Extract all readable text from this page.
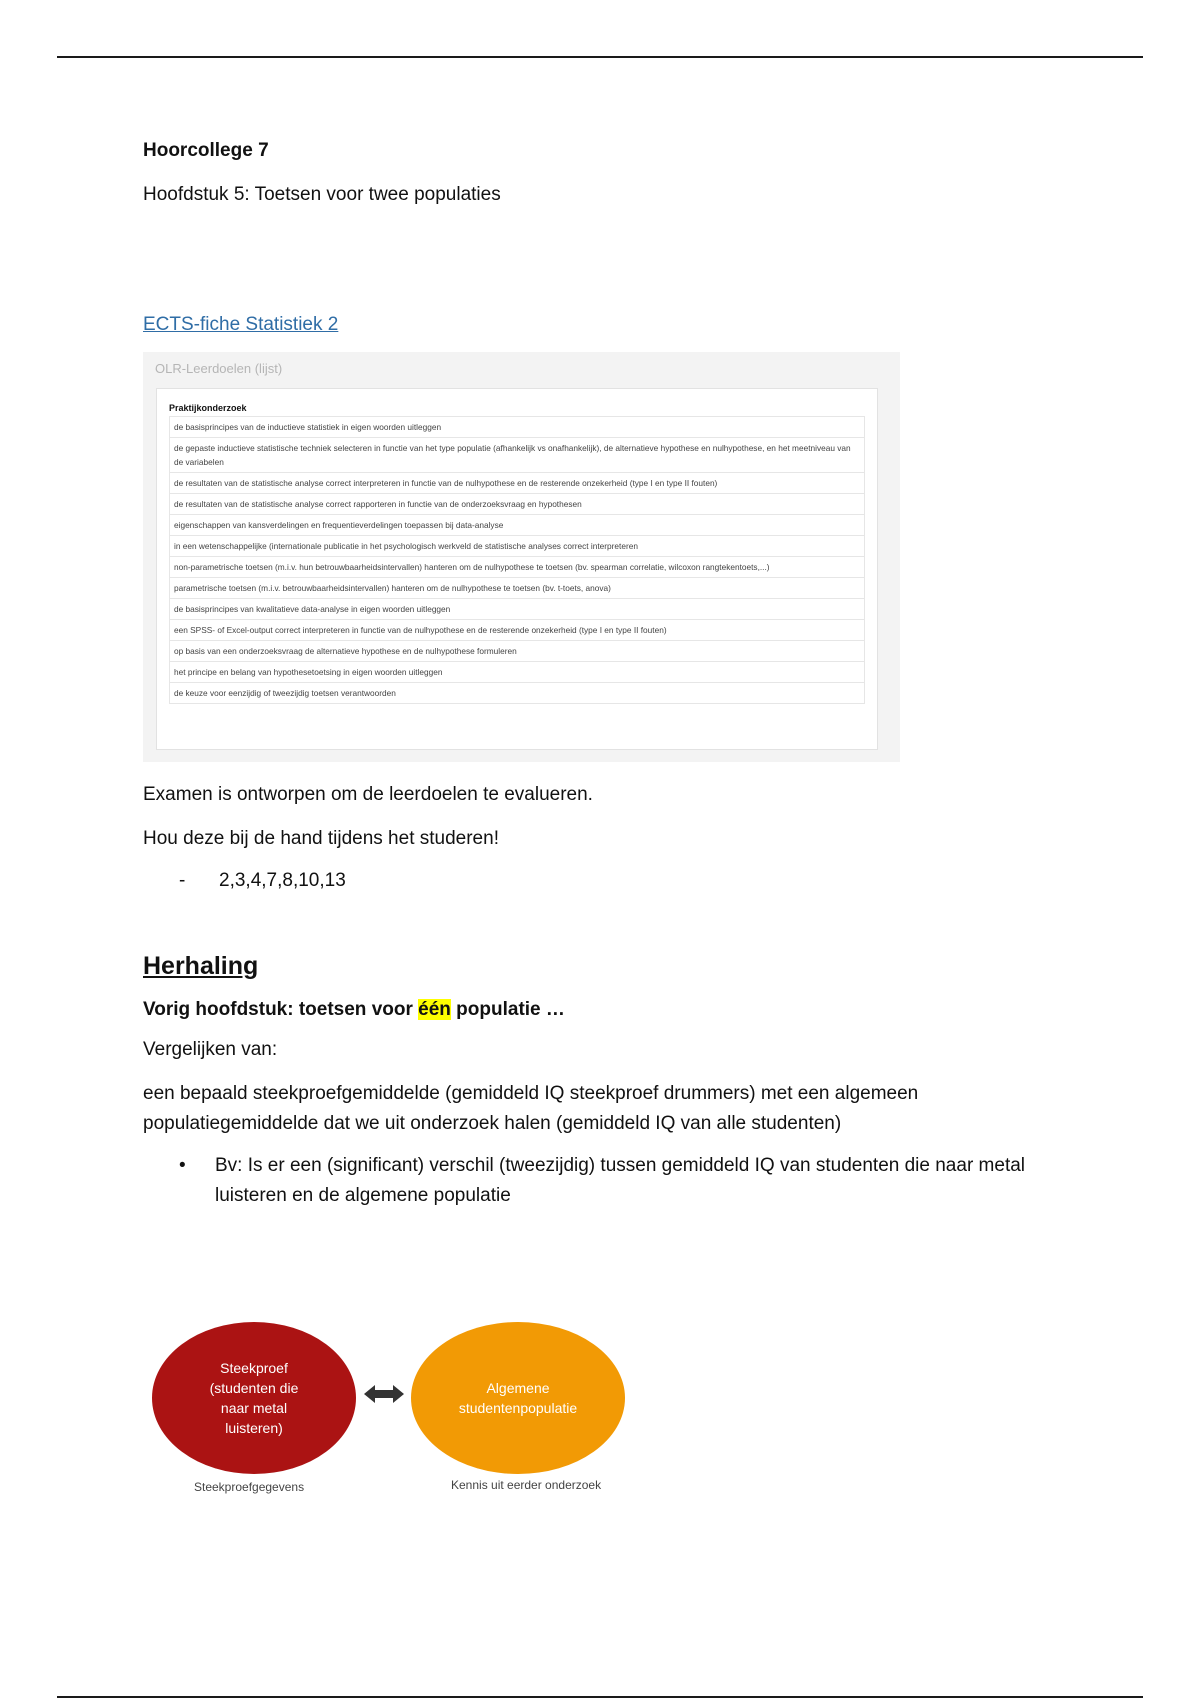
Hoorcollege 7

Hoofdstuk 5: Toetsen voor twee populaties

ECTS-fiche Statistiek 2
OLR-Leerdoelen (lijst)
Praktijkonderzoek
de basisprincipes van de inductieve statistiek in eigen woorden uitleggen
de gepaste inductieve statistische techniek selecteren in functie van het type populatie (afhankelijk vs onafhankelijk), de alternatieve hypothese en nulhypothese, en het meetniveau van de variabelen
de resultaten van de statistische analyse correct interpreteren in functie van de nulhypothese en de resterende onzekerheid (type I en type II fouten)
de resultaten van de statistische analyse correct rapporteren in functie van de onderzoeksvraag en hypothesen
eigenschappen van kansverdelingen en frequentieverdelingen toepassen bij data-analyse
in een wetenschappelijke (internationale publicatie in het psychologisch werkveld de statistische analyses correct interpreteren
non-parametrische toetsen (m.i.v. hun betrouwbaarheidsintervallen) hanteren om de nulhypothese te toetsen (bv. spearman correlatie, wilcoxon rangtekentoets,...)
parametrische toetsen (m.i.v. betrouwbaarheidsintervallen) hanteren om de nulhypothese te toetsen (bv. t-toets, anova)
de basisprincipes van kwalitatieve data-analyse in eigen woorden uitleggen
een SPSS- of Excel-output correct interpreteren in functie van de nulhypothese en de resterende onzekerheid (type I en type II fouten)
op basis van een onderzoeksvraag de alternatieve hypothese en de nulhypothese formuleren
het principe en belang van hypothesetoetsing in eigen woorden uitleggen
de keuze voor eenzijdig of tweezijdig toetsen verantwoorden

Examen is ontworpen om de leerdoelen te evalueren.

Hou deze bij de hand tijdens het studeren!

-	2,3,4,7,8,10,13
Herhaling

Vorig hoofdstuk: toetsen voor één populatie …

Vergelijken van:

een bepaald steekproefgemiddelde (gemiddeld IQ steekproef drummers) met een algemeen populatiegemiddelde dat we uit onderzoek halen (gemiddeld IQ van alle studenten)

•	Bv: Is er een (significant) verschil (tweezijdig) tussen gemiddeld IQ van studenten die naar metal luisteren en de algemene populatie
Steekproef
(studenten die
naar metal
luisteren)
Algemene
studentenpopulatie
Steekproefgegevens	Kennis uit eerder onderzoek
